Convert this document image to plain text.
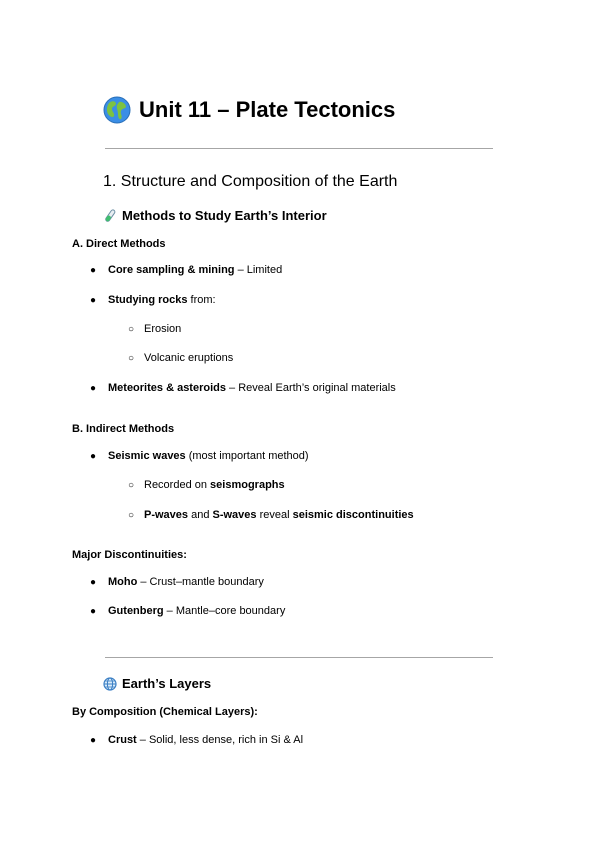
Unit 11 – Plate Tectonics
1. Structure and Composition of the Earth
Methods to Study Earth’s Interior
A. Direct Methods
●	Core sampling & mining – Limited
●	Studying rocks from:
○ Erosion
○ Volcanic eruptions
●	Meteorites & asteroids – Reveal Earth’s original materials
B. Indirect Methods
●	Seismic waves (most important method)
○ Recorded on seismographs
○ P-waves and S-waves reveal seismic discontinuities
Major Discontinuities:
●	Moho – Crust–mantle boundary
●	Gutenberg – Mantle–core boundary
Earth’s Layers
By Composition (Chemical Layers):
●	Crust – Solid, less dense, rich in Si & Al
